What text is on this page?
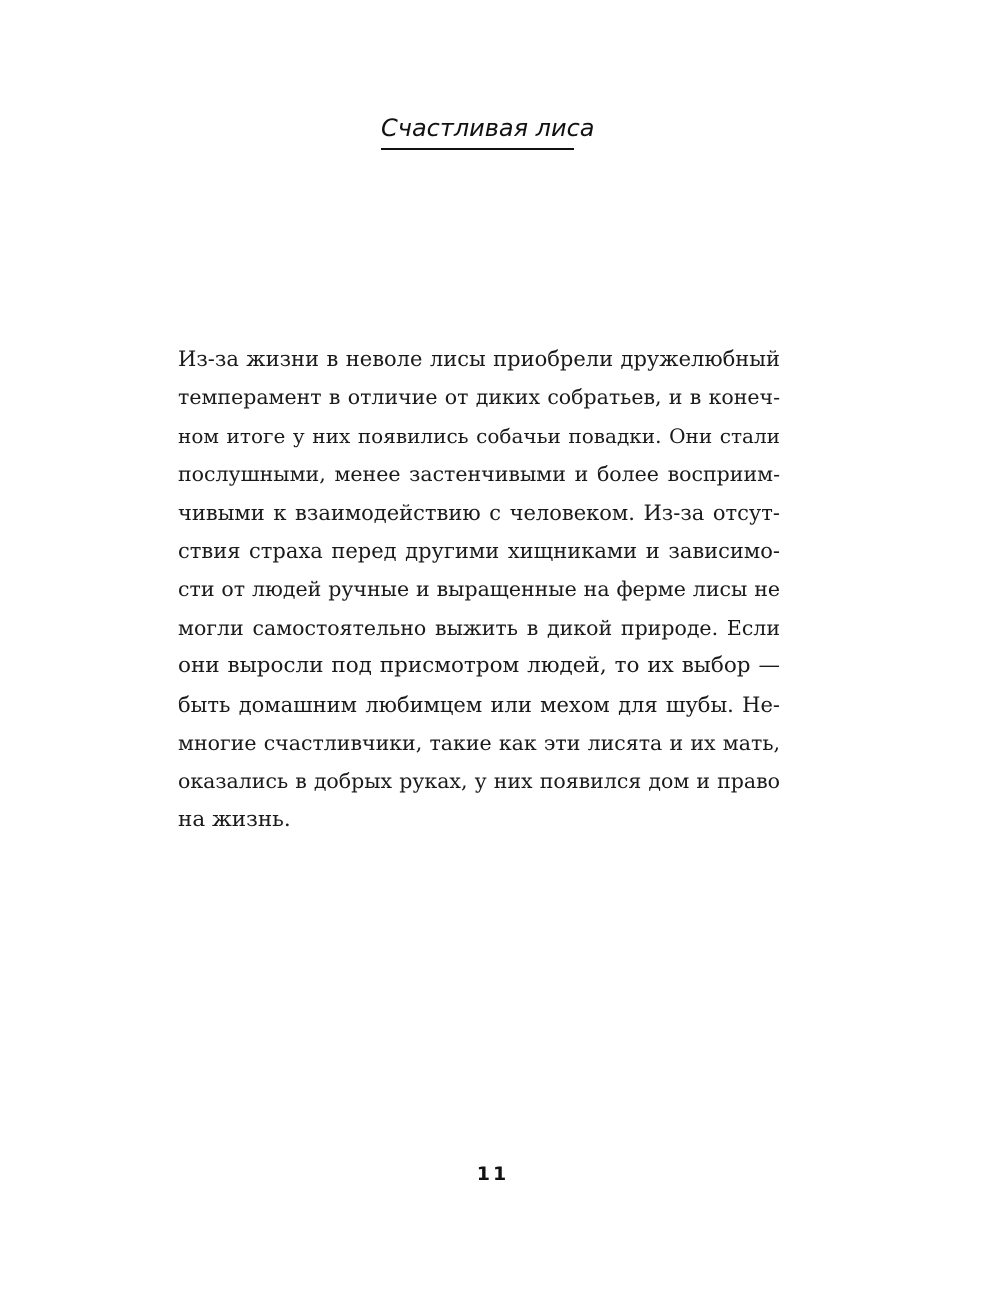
Счастливая лиса
Из-за жизни в неволе лисы приобрели дружелюбный
темперамент в отличие от диких собратьев, и в конеч-
ном итоге у них появились собачьи повадки. Они стали
послушными, менее застенчивыми и более восприим-
чивыми к взаимодействию с человеком. Из-за отсут-
ствия страха перед другими хищниками и зависимо-
сти от людей ручные и выращенные на ферме лисы не
могли самостоятельно выжить в дикой природе. Если
они выросли под присмотром людей, то их выбор —
быть домашним любимцем или мехом для шубы. Не-
многие счастливчики, такие как эти лисята и их мать,
оказались в добрых руках, у них появился дом и право
на жизнь.
11
